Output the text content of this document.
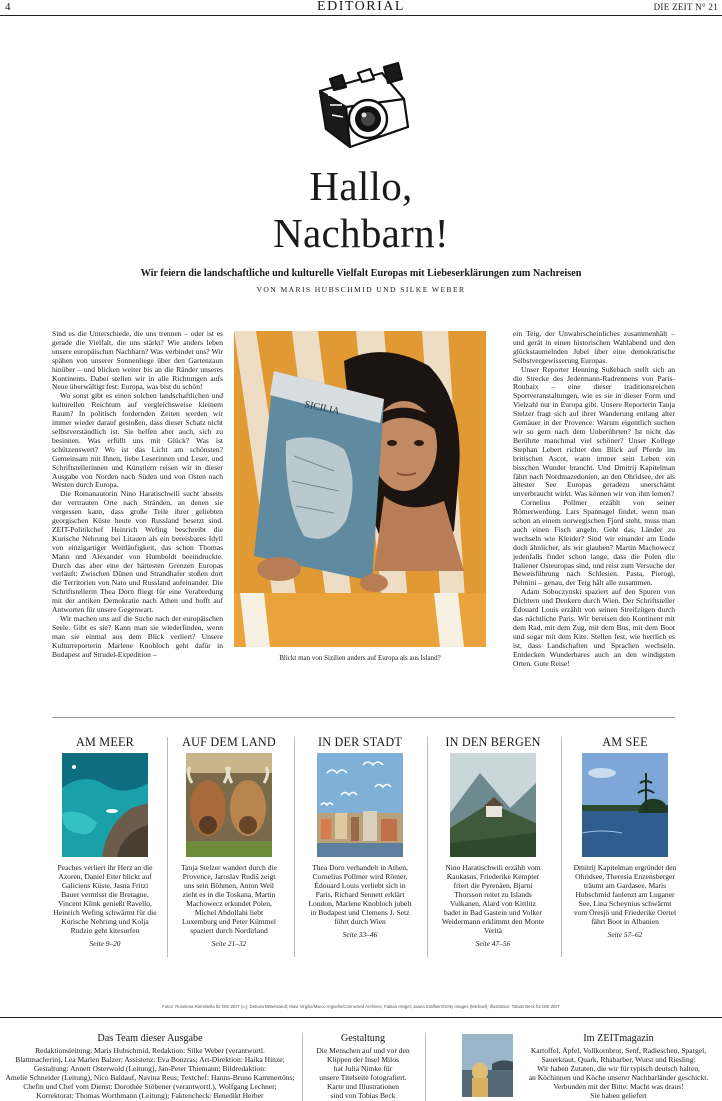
4	EDITORIAL	DIE ZEIT N° 21
Hallo,
Nachbarn!
Wir feiern die landschaftliche und kulturelle Vielfalt Europas mit Liebeserklärungen zum Nachreisen
VON MARIS HUBSCHMID UND SILKE WEBER

Sind es die Unterschiede, die uns trennen – oder ist es gerade die Vielfalt, die uns stärkt? Wie anders leben unsere europäischen Nachbarn? Was verbindet uns? Wir spähen von unserer Sonnenliege über den Gartenzaun hinüber – und blicken weiter bis an die Ränder unseres Kontinents. Dabei stellen wir in alle Richtungen aufs Neue überwältigt fest: Europa, was bist du schön!

Wo sonst gibt es einen solchen landschaftlichen und kulturellen Reichtum auf vergleichsweise kleinem Raum? In politisch fordernden Zeiten werden wir immer wieder darauf gestoßen, dass dieser Schatz nicht selbstverständlich ist. Sie helfen aber auch, sich zu besinnen. Was erfüllt uns mit Glück? Was ist schützenswert? Wo ist das Licht am schönsten? Gemeinsam mit Ihnen, liebe Leserinnen und Leser, und Schriftstellerinnen und Künstlern reisen wir in dieser Ausgabe von Norden nach Süden und von Osten nach Westen durch Europa.

Die Romanautorin Nino Haratischwili sucht abseits der vertrauten Orte nach Stränden, an denen sie vergessen kann, dass große Teile ihrer geliebten georgischen Küste heute von Russland besetzt sind. ZEIT-Politikchef Heinrich Wefing beschreibt die Kurische Nehrung bei Litauen als ein bereisbares Idyll von einzigartiger Weitläufigkeit, das schon Thomas Mann und Alexander von Humboldt beeindruckte. Durch das aber eine der härtesten Grenzen Europas verläuft: Zwischen Dünen und Strandhafer stoßen dort die Territorien von Nato und Russland aufeinander. Die Schriftstellerin Thea Dorn fliegt für eine Verabredung mit der antiken Demokratie nach Athen und hofft auf Antworten für unsere Gegenwart.

Wir machen uns auf die Suche nach der europäischen Seele. Gibt es sie? Kann man sie wiederfinden, wenn man sie einmal aus dem Blick verliert? Unsere Kulturreporterin Marlene Knobloch geht dafür in Budapest auf Strudel-Expedition –

SICILIA
Blickt man von Sizilien anders auf Europa als aus Island?

ein Teig, der Unwahrscheinliches zusammenhält – und gerät in einen historischen Wahlabend und den glückstaumelnden Jubel über eine demokratische Selbstvergewisserung Europas.

Unser Reporter Henning Sußebach stellt sich an die Strecke des Jedermann-Radrennens von Paris-Roubaix – eine dieser traditionsreichen Sportveranstaltungen, wie es sie in dieser Form und Vielzahl nur in Europa gibt. Unsere Reporterin Tanja Stelzer fragt sich auf ihrer Wanderung entlang alter Gemäuer in der Provence: Warum eigentlich suchen wir so gern nach dem Unberührten? Ist nicht das Berührte manchmal viel schöner? Unser Kollege Stephan Lebert richtet den Blick auf Pferde im britischen Ascot, wann immer sein Leben ein bisschen Wunder braucht. Und Dmitrij Kapitelman fährt nach Nordmazedonien, an den Ohridsee, der als ältester See Europas geradezu unerschämt unverbraucht wirkt. Was können wir von ihm lernen?

Cornelius Pollmer erzählt von seiner Römerwerdung. Lars Spannagel findet, wenn man schon an einem norwegischen Fjord steht, muss man auch einen Fisch angeln. Geht das, Länder zu wechseln wie Kleider? Sind wir einander am Ende doch ähnlicher, als wir glauben? Martin Machowecz jedenfalls findet schon lange, dass die Polen die Italiener Osteuropas sind, und reist zum Versuche der Beweisführung nach Schlesien. Pasta, Pierogi, Pelmini – genau, der Teig hält alle zusammen.

Adam Soboczynski spaziert auf den Spuren von Dichtern und Denkern durch Wien. Der Schriftsteller Édouard Louis erzählt von seinen Streifzügen durch das nächtliche Paris. Wir bereisen den Kontinent mit dem Rad, mit dem Zug, mit dem Bus, mit dem Boot und sogar mit dem Kite. Stellen fest, wie herrlich es ist, dass Landschaften und Sprachen wechseln. Entdecken Wunderbares auch an den windigsten Orten. Gute Reise!

AM MEER
Peaches verliert ihr Herz an die Azoren, Daniel Etter blickt auf Galiciens Küste, Jasna Fritzi Bauer vermisst die Bretagne, Vincent Klink genießt Ravello, Heinrich Wefing schwärmt für die Kurische Nehrung und Kolja Rudzio geht kitesurfen
Seite 9–20
AUF DEM LAND
Tanja Stelzer wandert durch die Provence, Jaroslav Rudiš zeigt uns sein Böhmen, Anton Weil zieht es in die Toskana, Martin Machowecz erkundet Polen, Michel Abdollahi liebt Luxemburg und Peter Kümmel spaziert durch Nordirland
Seite 21–32
IN DER STADT
Thea Dorn verhandelt in Athen, Cornelius Pollmer wird Römer, Édouard Louis verliebt sich in Paris, Richard Sennett erklärt London, Marlene Knobloch jubelt in Budapest und Clemens J. Setz führt durch Wien
Seite 33–46
IN DEN BERGEN
Nino Haratischwili erzählt vom Kaukasus, Friederike Kempter friert die Pyrenäen, Bjarni Thorsson reitet zu Islands Vulkanen, Alard von Kittlitz badet in Bad Gastein und Volker Weidermann erklimmt den Monte Verità
Seite 47–56
AM SEE
Dmitrij Kapitelman ergründet den Ohridsee, Theresia Enzensberger träumt am Gardasee, Maris Hubschmid faulenzt am Luganer See, Lina Scheynius schwärmt vom Öresjö und Friederike Oertel fährt Boot in Albanien
Seite 57–62
Fotos: Roselena Ramistella für DIE ZEIT (o.); Debora Mittelstaedt; Mavi Virgilio/Marco Argüello/Connected Archives; Fabian Heigel; Jaana Eraffsen/Getty Images (Michael); Illustration: Tobias Beck für DIE ZEIT
Das Team dieser Ausgabe
Redaktionsleitung: Maris Hubschmid, Redaktion: Silke Weber (verantwortl.
Blattmacherin), Lea Marlen Balzer; Assistenz: Eva Bonzras; Art-Direktion: Haika Hinze;
Gestaltung: Annett Osterwold (Leitung), Jan-Peter Thiemann; Bildredaktion:
Amelie Schneider (Leitung), Nico Baldauf, Navina Reus; Textchef: Hanns-Bruno Kammertöns;
Chefin und Chef vom Dienst: Dorothée Stöbener (verantwortl.), Wolfgang Lechner;
Korrektorat: Thomas Worthmann (Leitung); Faktencheck: Benedikt Herber
Gestaltung
Die Menschen auf und vor den
Klippen der Insel Milos
hat Julia Nimke für
unsere Titelseite fotografiert.
Karte und Illustrationen
sind von Tobias Beck
Im ZEITmagazin
Kartoffel, Äpfel, Vollkornbrot, Senf, Radieschen, Spargel,
Sauerkraut, Quark, Rhabarber, Wurst und Riesling:
Wir haben Zutaten, die wir für typisch deutsch halten,
an Köchinnen und Köche unserer Nachbarländer geschickt.
Verbunden mit der Bitte: Macht was draus!
Sie haben geliefert
